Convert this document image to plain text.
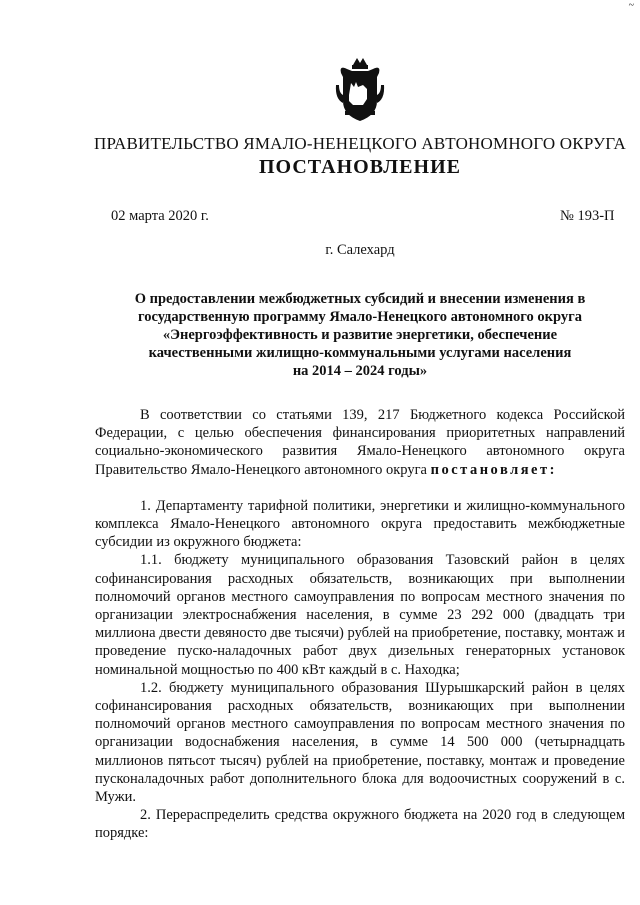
~
ПРАВИТЕЛЬСТВО ЯМАЛО-НЕНЕЦКОГО АВТОНОМНОГО ОКРУГА
ПОСТАНОВЛЕНИЕ
02 марта 2020 г.	№ 193-П
г. Салехард
О предоставлении межбюджетных субсидий и внесении изменения в
государственную программу Ямало-Ненецкого автономного округа
«Энергоэффективность и развитие энергетики, обеспечение
качественными жилищно-коммунальными услугами населения
на 2014 – 2024 годы»

В соответствии со статьями 139, 217 Бюджетного кодекса Российской Федерации, с целью обеспечения финансирования приоритетных направлений социально-экономического развития Ямало-Ненецкого автономного округа Правительство Ямало-Ненецкого автономного округа постановляет:

1. Департаменту тарифной политики, энергетики и жилищно-коммунального комплекса Ямало-Ненецкого автономного округа предоставить межбюджетные субсидии из окружного бюджета:

1.1. бюджету муниципального образования Тазовский район в целях софинансирования расходных обязательств, возникающих при выполнении полномочий органов местного самоуправления по вопросам местного значения по организации электроснабжения населения, в сумме 23 292 000 (двадцать три миллиона двести девяносто две тысячи) рублей на приобретение, поставку, монтаж и проведение пуско-наладочных работ двух дизельных генераторных установок номинальной мощностью по 400 кВт каждый в с. Находка;

1.2. бюджету муниципального образования Шурышкарский район в целях софинансирования расходных обязательств, возникающих при выполнении полномочий органов местного самоуправления по вопросам местного значения по организации водоснабжения населения, в сумме 14 500 000 (четырнадцать миллионов пятьсот тысяч) рублей на приобретение, поставку, монтаж и проведение пусконаладочных работ дополнительного блока для водоочистных сооружений в с. Мужи.

2. Перераспределить средства окружного бюджета на 2020 год в следующем порядке:
